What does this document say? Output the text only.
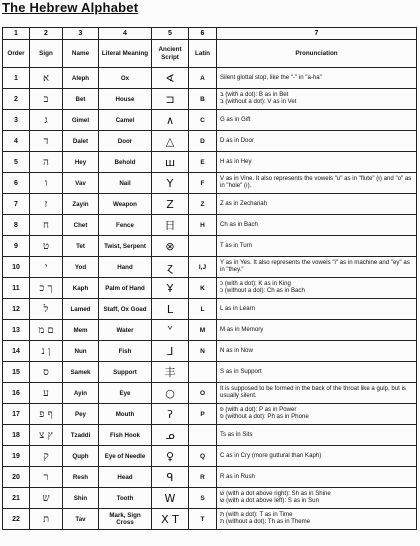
The Hebrew Alphabet
1	2	3	4	5	6	7
Order	Sign	Name	Literal Meaning	Ancient Script	Latin	Pronunciation
1	א	Aleph	Ox	∢	A	Silent glottal stop, like the "-" in "a-ha"
2	ב	Bet	House	⊐	B	בּ (with a dot): B as in Bet
ב (without a dot): V as in Vet
3	ג	Gimel	Camel	∧	C	G as in Gift
4	ד	Dalet	Door	△	D	D as in Door
5	ה	Hey	Behold	ш	E	H as in Hey
6	ו	Vav	Nail	Y	F	V as in Vine. It also represents the vowels "u" as in "flute" (וּ) and "o" as in "hole" (וֹ).
7	ז	Zayin	Weapon	Z	Z	Z as in Zechariah
8	ח	Chet	Fence	日	H	Ch as in Bach
9	ט	Tet	Twist, Serpent	⊗		T as in Turn
10	י	Yod	Hand	ɀ	I,J	Y as in Yes. It also represents the vowels "i" as in machine and "ey" as in "they."
11	ך כ	Kaph	Palm of Hand	Ұ	K	כּ (with a dot): K as in King
כ (without a dot): Ch as in Bach
12	ל	Lamed	Staff, Ox Goad	L	L	L as in Learn
13	ם מ	Mem	Water	ᘁ	M	M as in Memory
14	ן נ	Nun	Fish	ᒧ	N	N as in Now
15	ס	Samek	Support	丰		S as in Support
16	ע	Ayin	Eye	○	O	It is supposed to be formed in the back of the throat like a gulp, but is usually silent.
17	ף פ	Pey	Mouth	ʔ	P	פּ (with a dot): P as in Power
פ (without a dot): Ph as in Phone
18	ץ צ	Tzaddi	Fish Hook	ᓄ		Ts as in Sits
19	ק	Quph	Eye of Needle	♀	Q	C as in Cry (more guttural than Kaph)
20	ר	Resh	Head	ᑫ	R	R as in Rush
21	ש	Shin	Tooth	W	S	שׁ (with a dot above right): Sh as in Shine
שׂ (with a dot above left): S as in Sun
22	ת	Tav	Mark, Sign Cross	X T	T	תּ (with a dot): T as in Time
ת (without a dot): Th as in Theme
